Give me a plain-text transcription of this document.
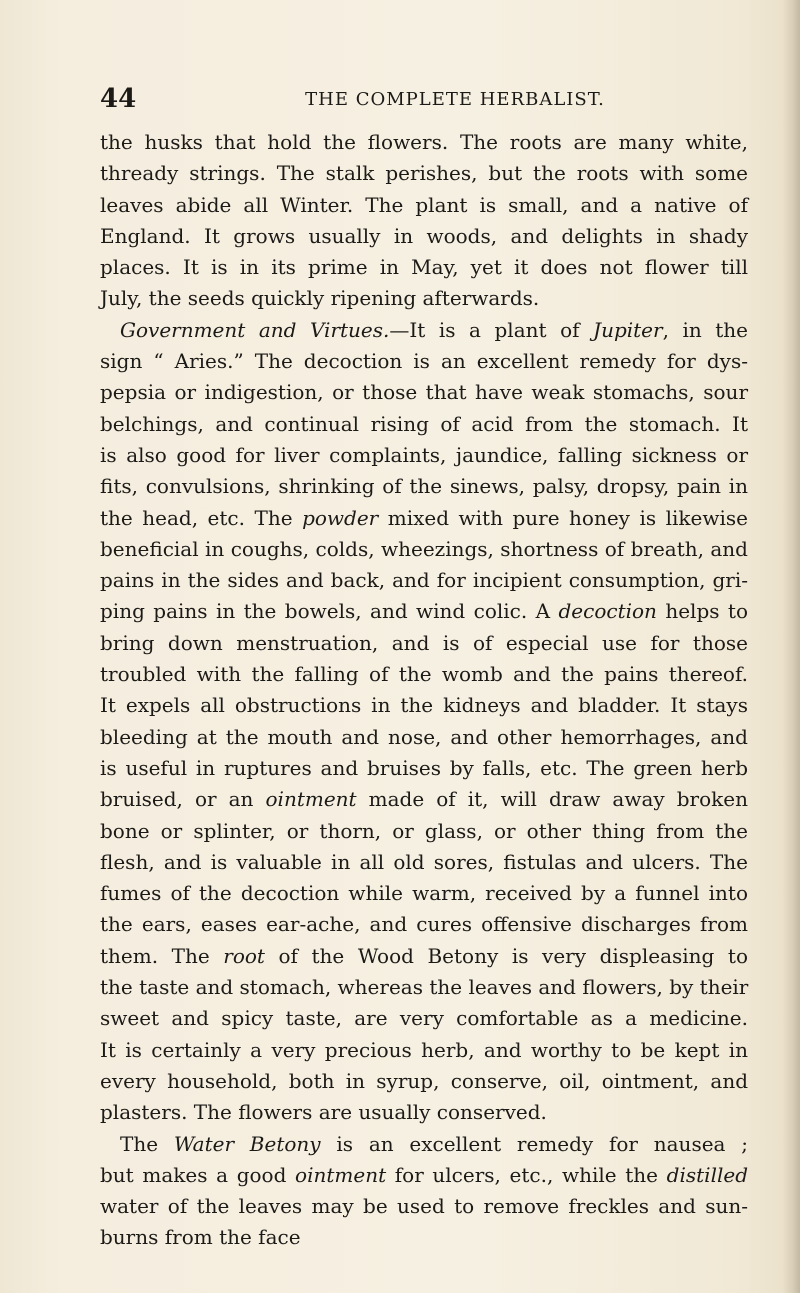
44	THE COMPLETE HERBALIST.
the husks that hold the flowers. The roots are many white,
thready strings. The stalk perishes, but the roots with some
leaves abide all Winter. The plant is small, and a native of
England. It grows usually in woods, and delights in shady
places. It is in its prime in May, yet it does not flower till
July, the seeds quickly ripening afterwards.
Government and Virtues.—It is a plant of Jupiter, in the
sign “ Aries.” The decoction is an excellent remedy for dys-
pepsia or indigestion, or those that have weak stomachs, sour
belchings, and continual rising of acid from the stomach. It
is also good for liver complaints, jaundice, falling sickness or
fits, convulsions, shrinking of the sinews, palsy, dropsy, pain in
the head, etc. The powder mixed with pure honey is likewise
beneficial in coughs, colds, wheezings, shortness of breath, and
pains in the sides and back, and for incipient consumption, gri-
ping pains in the bowels, and wind colic. A decoction helps to
bring down menstruation, and is of especial use for those
troubled with the falling of the womb and the pains thereof.
It expels all obstructions in the kidneys and bladder. It stays
bleeding at the mouth and nose, and other hemorrhages, and
is useful in ruptures and bruises by falls, etc. The green herb
bruised, or an ointment made of it, will draw away broken
bone or splinter, or thorn, or glass, or other thing from the
flesh, and is valuable in all old sores, fistulas and ulcers. The
fumes of the decoction while warm, received by a funnel into
the ears, eases ear-ache, and cures offensive discharges from
them. The root of the Wood Betony is very displeasing to
the taste and stomach, whereas the leaves and flowers, by their
sweet and spicy taste, are very comfortable as a medicine.
It is certainly a very precious herb, and worthy to be kept in
every household, both in syrup, conserve, oil, ointment, and
plasters. The flowers are usually conserved.
The Water Betony is an excellent remedy for nausea ;
but makes a good ointment for ulcers, etc., while the distilled
water of the leaves may be used to remove freckles and sun-
burns from the face
